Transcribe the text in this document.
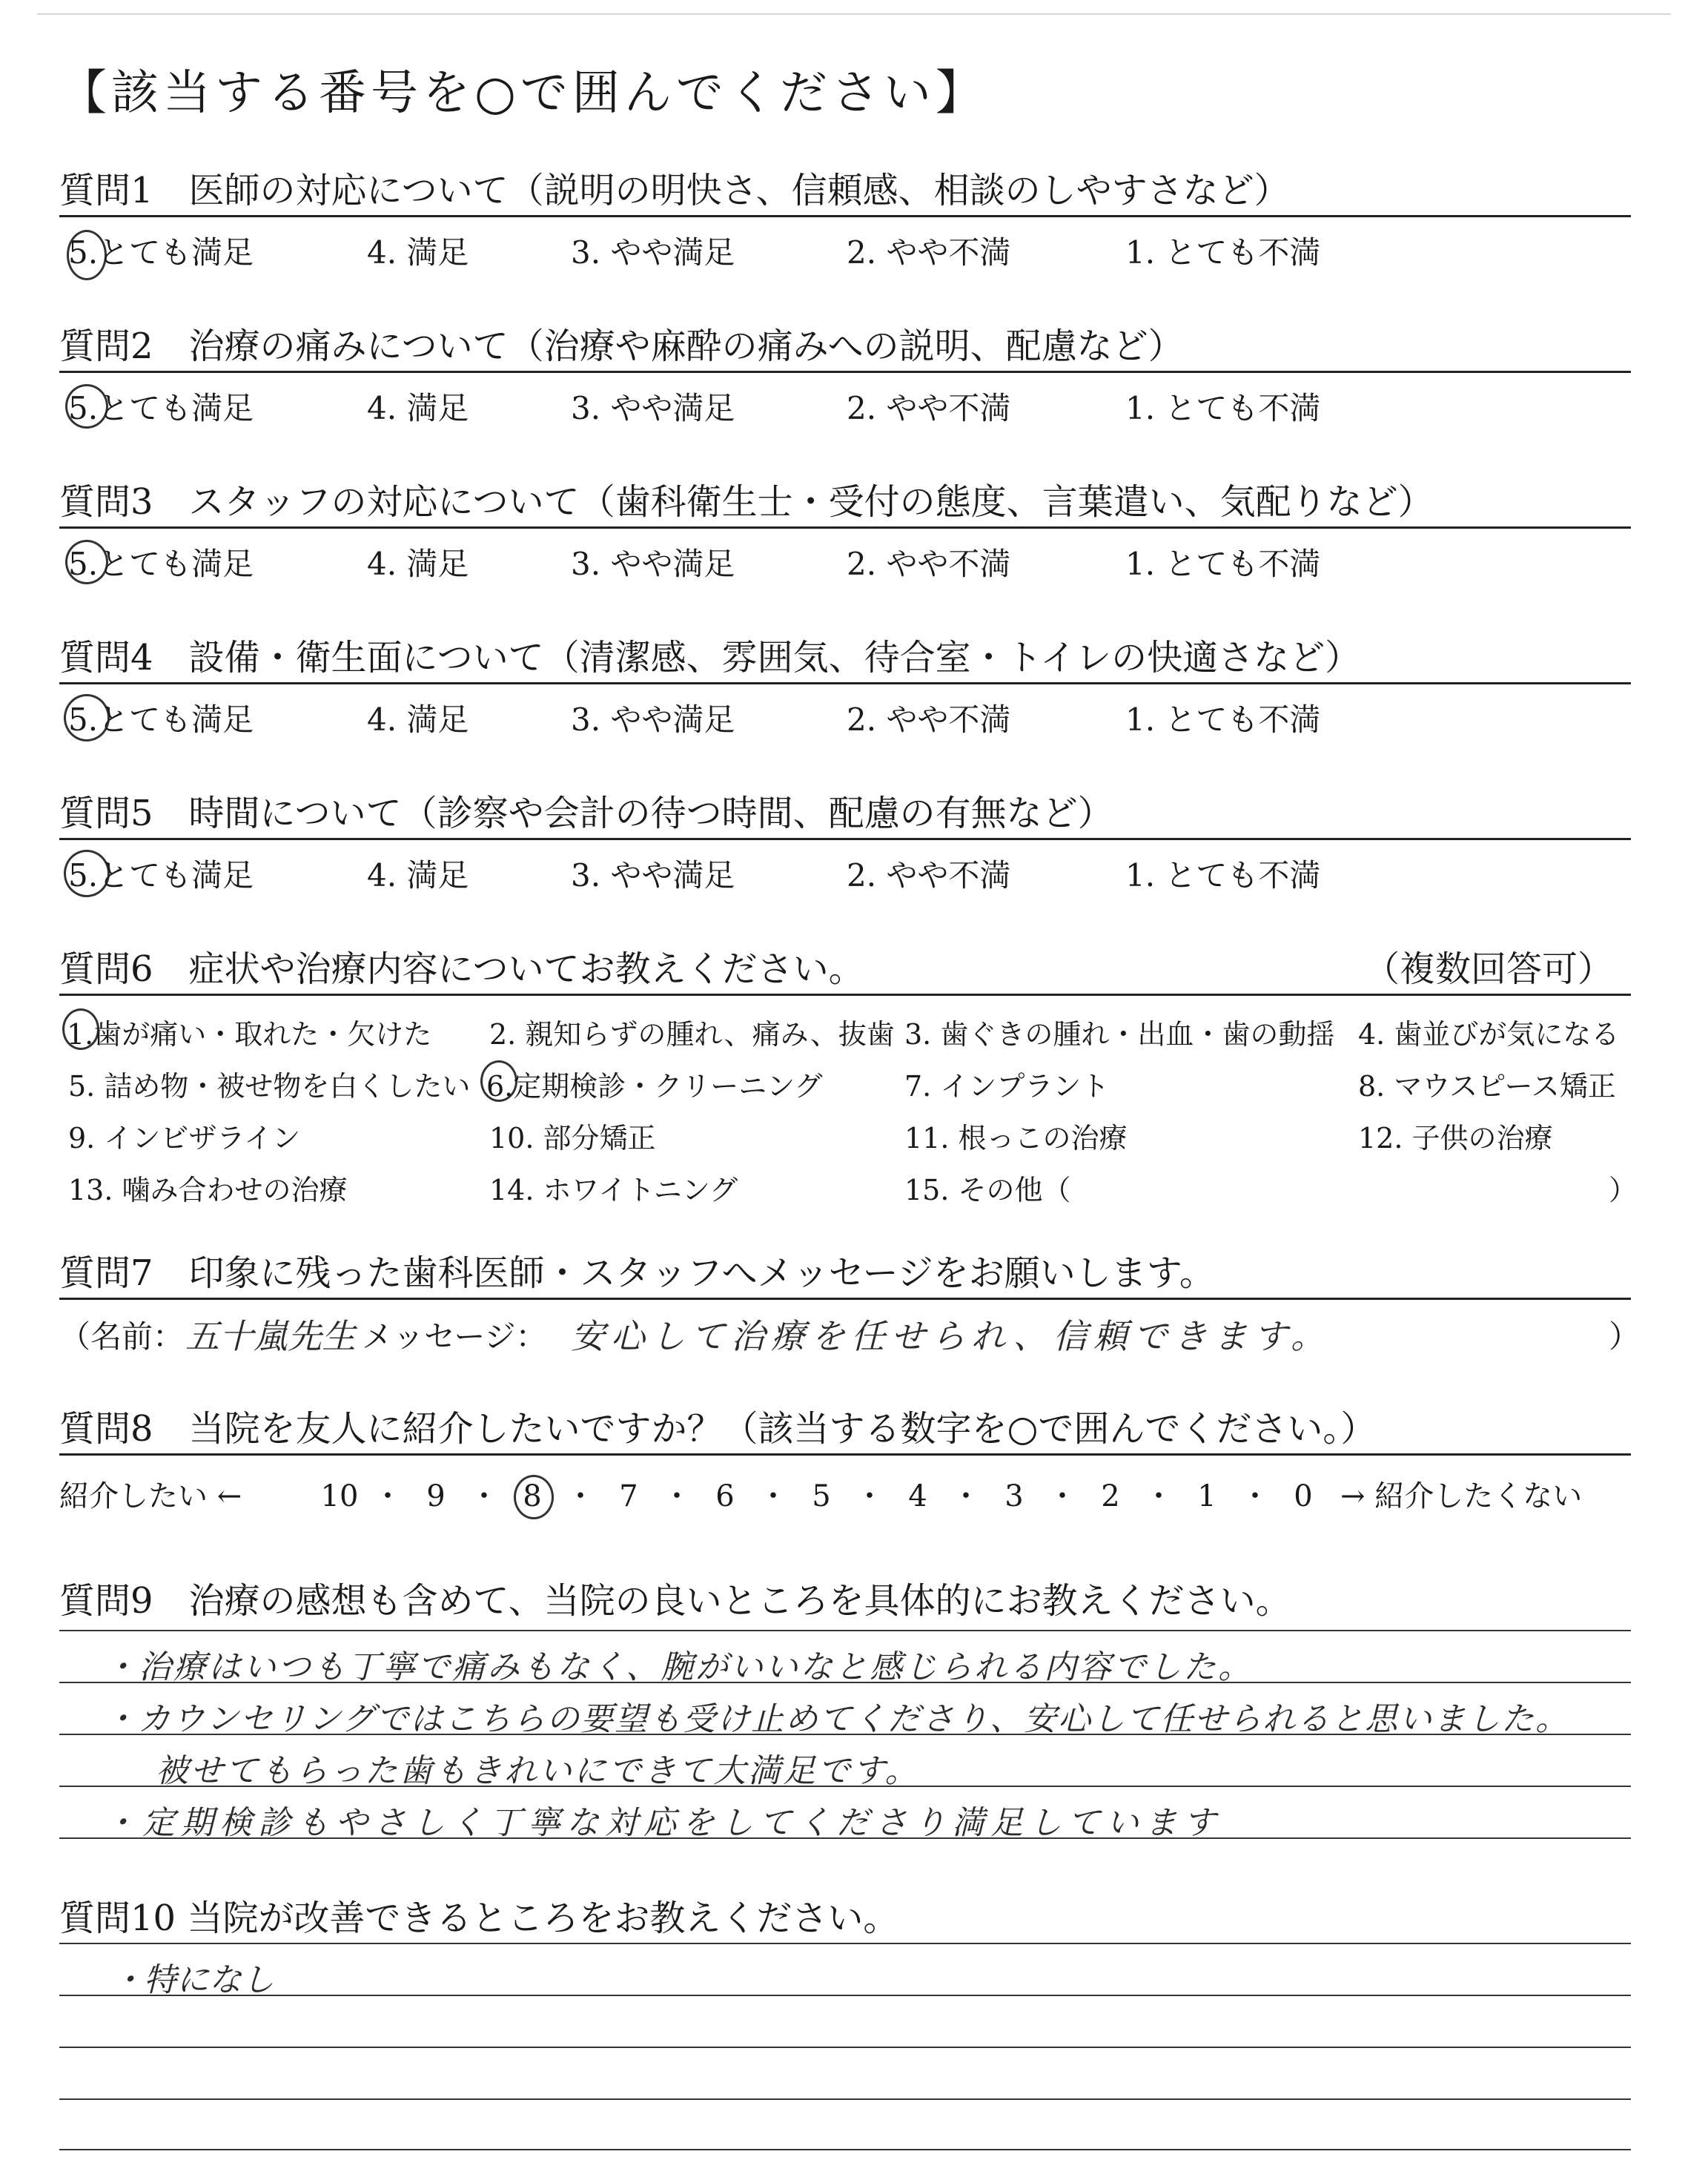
【該当する番号を○で囲んでください】
質問1　医師の対応について（説明の明快さ、信頼感、相談のしやすさなど）
5.とても満足	4. 満足	3. やや満足	2. やや不満	1. とても不満
質問2　治療の痛みについて（治療や麻酔の痛みへの説明、配慮など）
5.とても満足	4. 満足	3. やや満足	2. やや不満	1. とても不満
質問3　スタッフの対応について（歯科衛生士・受付の態度、言葉遣い、気配りなど）
5.とても満足	4. 満足	3. やや満足	2. やや不満	1. とても不満
質問4　設備・衛生面について（清潔感、雰囲気、待合室・トイレの快適さなど）
5.とても満足	4. 満足	3. やや満足	2. やや不満	1. とても不満
質問5　時間について（診察や会計の待つ時間、配慮の有無など）
5.とても満足	4. 満足	3. やや満足	2. やや不満	1. とても不満
質問6　症状や治療内容についてお教えください。	（複数回答可）
1.歯が痛い・取れた・欠けた 2. 親知らずの腫れ、痛み、抜歯 3. 歯ぐきの腫れ・出血・歯の動揺 4. 歯並びが気になる
5. 詰め物・被せ物を白くしたい 6.定期検診・クリーニング	7. インプラント	8. マウスピース矯正
9. インビザライン	10. 部分矯正	11. 根っこの治療	12. 子供の治療
13. 噛み合わせの治療	14. ホワイトニング	15. その他（	）
質問7　印象に残った歯科医師・スタッフへメッセージをお願いします。
（名前： 五十嵐先生 メッセージ： 安心して治療を任せられ、信頼できます。	）
質問8　当院を友人に紹介したいですか？（該当する数字を○で囲んでください。）
紹介したい ←	10 ・ 9 ・ 8 ・ 7 ・ 6 ・ 5 ・ 4 ・ 3 ・ 2 ・ 1 ・ 0 → 紹介したくない
質問9　治療の感想も含めて、当院の良いところを具体的にお教えください。
・治療はいつも丁寧で痛みもなく、腕がいいなと感じられる内容でした。
・カウンセリングではこちらの要望も受け止めてくださり、安心して任せられると思いました。
被せてもらった歯もきれいにできて大満足です。
・定期検診もやさしく丁寧な対応をしてくださり満足しています
質問10 当院が改善できるところをお教えください。
・特になし
